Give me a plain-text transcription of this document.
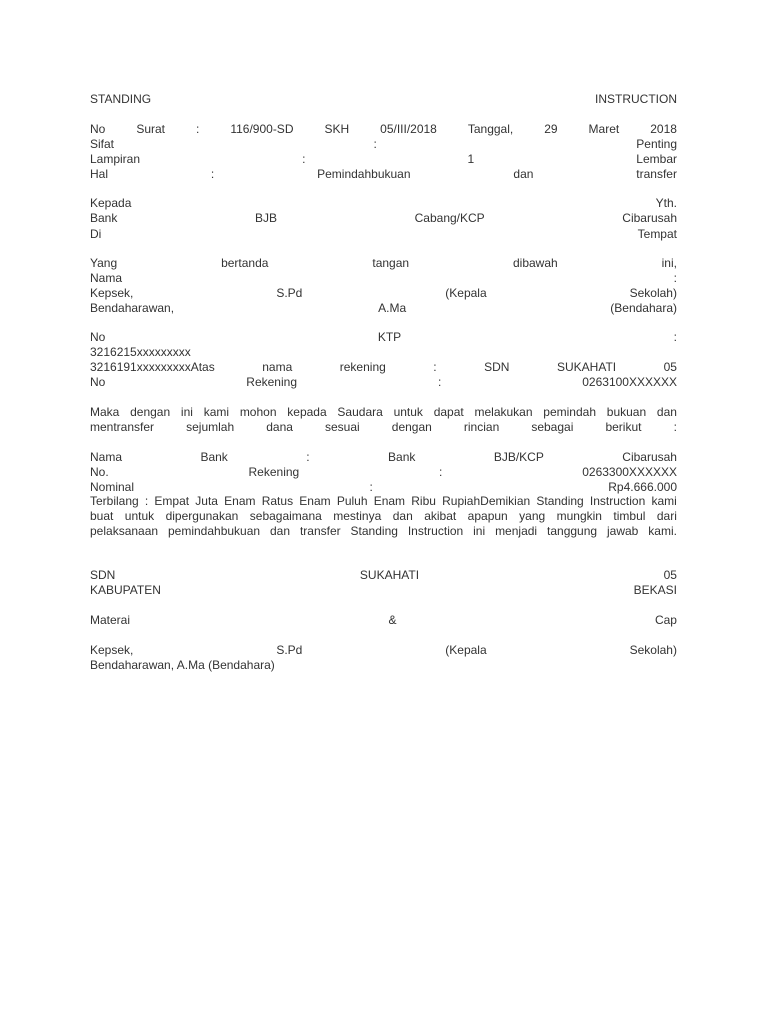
STANDING	INSTRUCTION
No	Surat	:	116/900-SD	SKH	05/III/2018	Tanggal,	29	Maret	2018
Sifat	:	Penting
Lampiran	:	1	Lembar
Hal	:	Pemindahbukuan	dan	transfer
Kepada	Yth.
Bank	BJB	Cabang/KCP	Cibarusah
Di	Tempat
Yang	bertanda	tangan	dibawah	ini,
Nama	:
Kepsek,	S.Pd	(Kepala	Sekolah)
Bendaharawan,	A.Ma	(Bendahara)
No	KTP	:
3216215xxxxxxxxx
3216191xxxxxxxxxAtas	nama	rekening	:	SDN	SUKAHATI	05
No	Rekening	:	0263100XXXXXX
Maka dengan ini kami mohon kepada Saudara untuk dapat melakukan pemindah bukuan dan
mentransfer	sejumlah	dana	sesuai	dengan	rincian	sebagai	berikut	:
Nama	Bank	:	Bank	BJB/KCP	Cibarusah
No.	Rekening	:	0263300XXXXXX
Nominal	:	Rp4.666.000
Terbilang : Empat Juta Enam Ratus Enam Puluh Enam Ribu RupiahDemikian Standing Instruction kami
buat untuk dipergunakan sebagaimana mestinya dan akibat apapun yang mungkin timbul dari
pelaksanaan pemindahbukuan dan transfer Standing Instruction ini menjadi tanggung jawab kami.
SDN	SUKAHATI	05
KABUPATEN	BEKASI
Materai	&	Cap
Kepsek,	S.Pd	(Kepala	Sekolah)
Bendaharawan, A.Ma (Bendahara)
